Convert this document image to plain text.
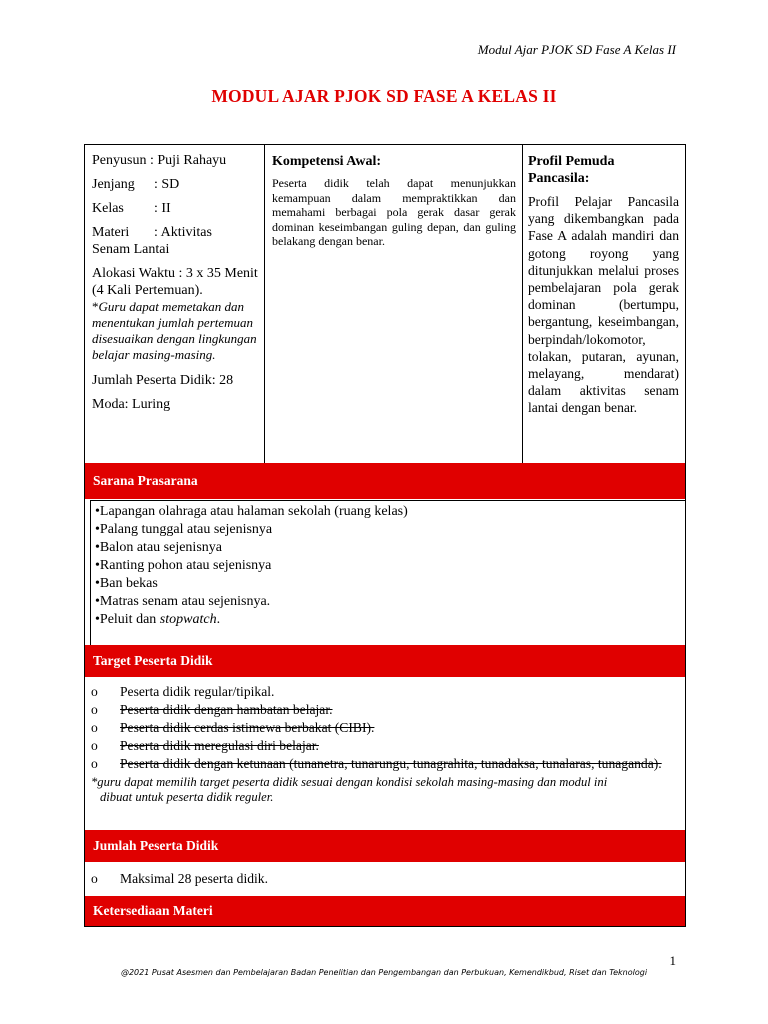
Modul Ajar PJOK SD Fase A Kelas II
MODUL AJAR PJOK SD FASE A KELAS II

Penyusun : Puji Rahayu

Jenjang : SD

Kelas : II

Materi : Aktivitas
Senam Lantai

Alokasi Waktu : 3 x 35 Menit (4 Kali Pertemuan).

*Guru dapat memetakan dan menentukan jumlah pertemuan disesuaikan dengan lingkungan belajar masing-masing.

Jumlah Peserta Didik: 28

Moda: Luring

Kompetensi Awal:

Peserta didik telah dapat menunjukkan kemampuan dalam mempraktikkan dan memahami berbagai pola gerak dasar gerak dominan keseimbangan guling depan, dan guling belakang dengan benar.

Profil Pemuda Pancasila:

Profil Pelajar Pancasila yang dikembangkan pada Fase A adalah mandiri dan gotong royong yang ditunjukkan melalui proses pembelajaran pola gerak dominan (bertumpu, bergantung, keseimbangan, berpindah/lokomotor, tolakan, putaran, ayunan, melayang, mendarat) dalam aktivitas senam lantai dengan benar.

Sarana Prasarana

• Lapangan olahraga atau halaman sekolah (ruang kelas)

• Palang tunggal atau sejenisnya

• Balon atau sejenisnya

• Ranting pohon atau sejenisnya

• Ban bekas

• Matras senam atau sejenisnya.

• Peluit dan stopwatch.

Target Peserta Didik

o Peserta didik regular/tipikal.

o Peserta didik dengan hambatan belajar.

o Peserta didik cerdas istimewa berbakat (CIBI).

o Peserta didik meregulasi diri belajar.

o Peserta didik dengan ketunaan (tunanetra, tunarungu, tunagrahita, tunadaksa, tunalaras, tunaganda).

*guru dapat memilih target peserta didik sesuai dengan kondisi sekolah masing-masing dan modul ini
dibuat untuk peserta didik reguler.

Jumlah Peserta Didik

o Maksimal 28 peserta didik.

Ketersediaan Materi
1
@2021 Pusat Asesmen dan Pembelajaran Badan Penelitian dan Pengembangan dan Perbukuan, Kemendikbud, Riset dan Teknologi
